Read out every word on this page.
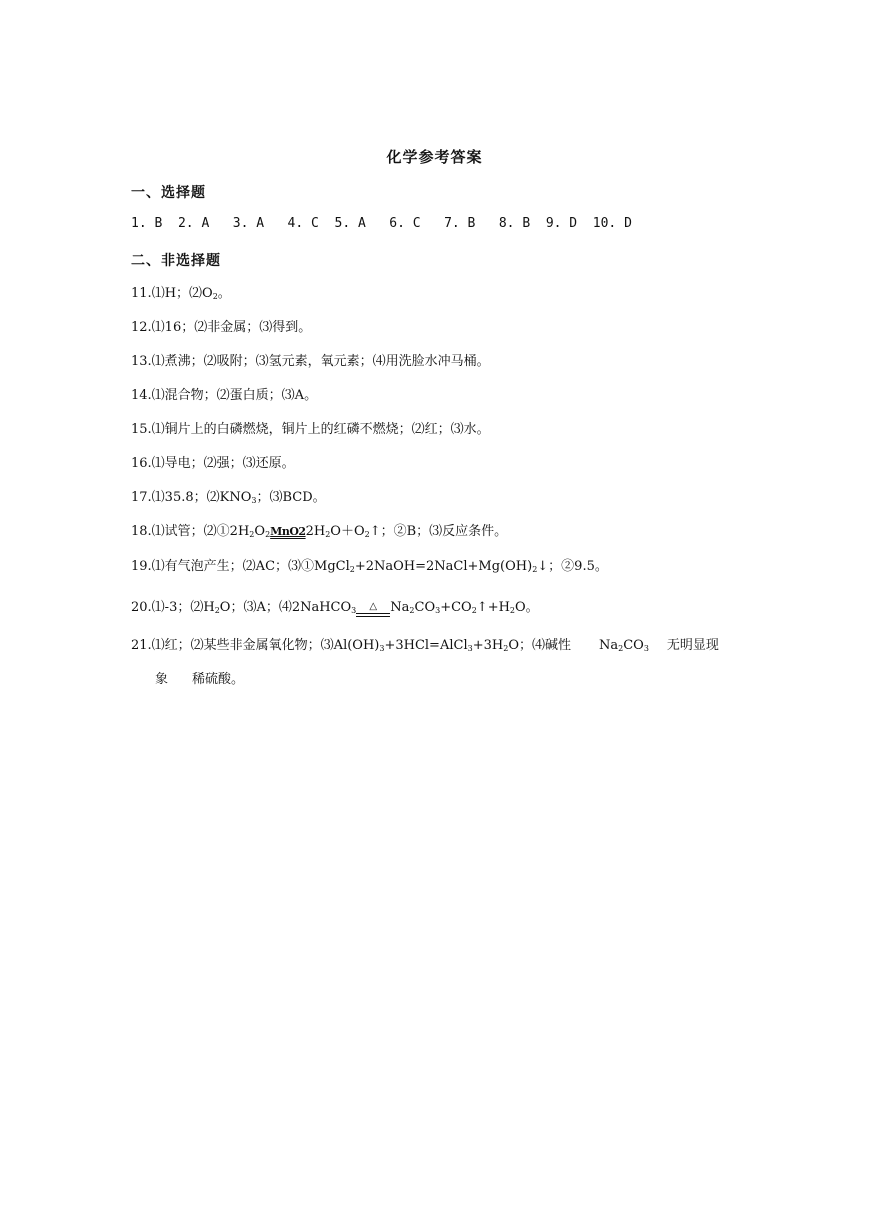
化学参考答案
一、选择题
1. B  2. A   3. A   4. C  5. A   6. C   7. B   8. B  9. D  10. D
二、非选择题
11.⑴H；$⑵O_2$。
12.⑴16；⑵非金属；⑶得到。
13.⑴煮沸；⑵吸附；⑶氢元素，氧元素；⑷用洗脸水冲马桶。
14.⑴混合物；⑵蛋白质；⑶A。
15.⑴铜片上的白磷燃烧，铜片上的红磷不燃烧；⑵红；⑶水。
16.⑴导电；⑵强；⑶还原。
17.⑴35.8；$⑵KNO_3$；⑶BCD。
18.⑴试管；$⑵①2H_2O_2MnO22H_2O+O_2↑$；②B；⑶反应条件。
19.⑴有气泡产生；⑵AC；$⑶①MgCl_2+2NaOH=2NaCl+Mg(OH)_2↓$；②9.5。
20.⑴-3；$⑵H_2O$；⑶A；⑷2NaHCO$_3$	△	$Na_2CO_3+CO_2↑+H_2O$。
21.⑴红；⑵某些非金属氧化物；$⑶Al(OH)_3+3HCl=AlCl_3+3H_2O$；⑷碱性 $Na_2CO_3$ 无明显现
象 稀硫酸。
